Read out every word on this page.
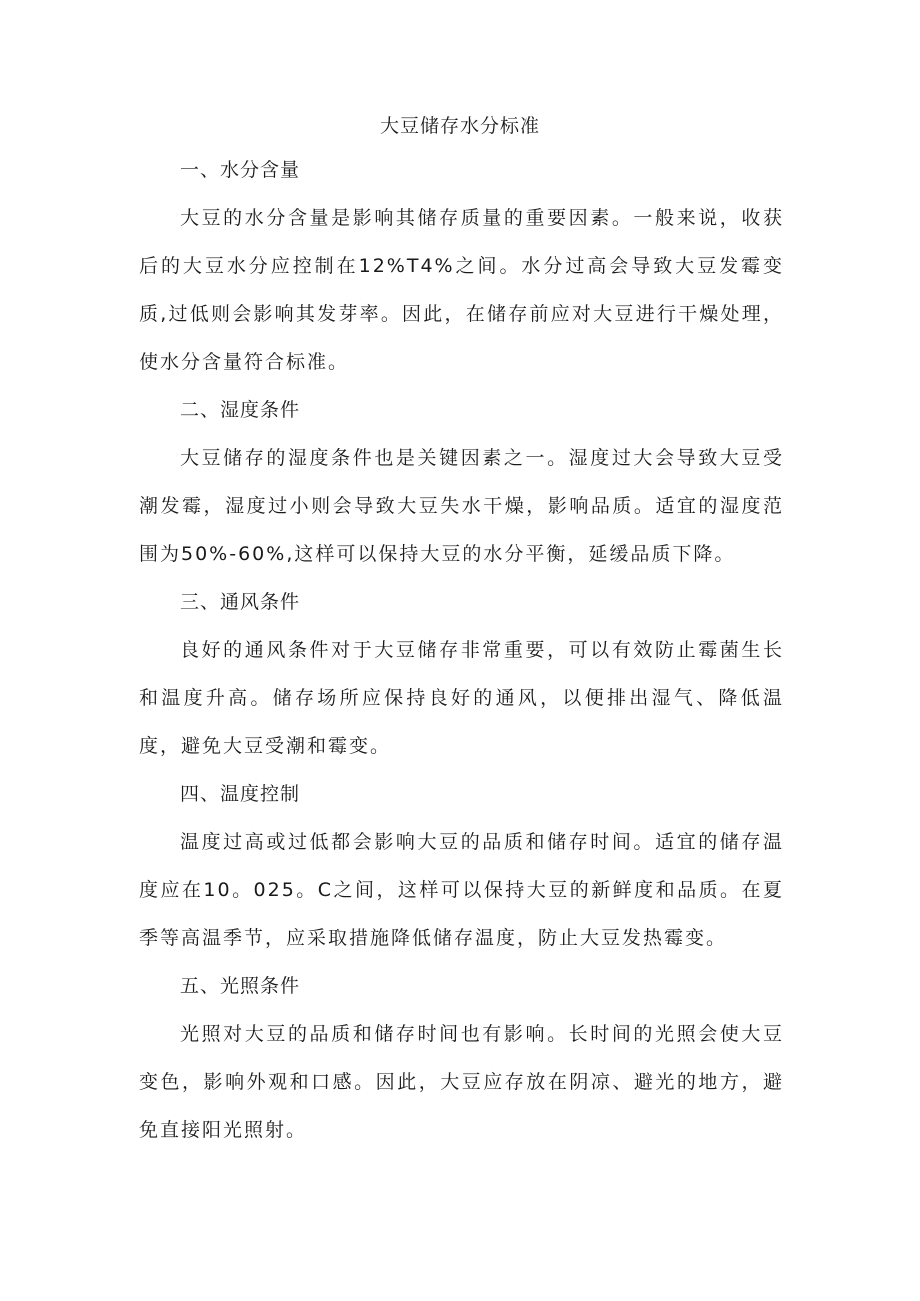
大豆储存水分标准

一、水分含量

大豆的水分含量是影响其储存质量的重要因素。一般来说，收获后的大豆水分应控制在12%T4%之间。水分过高会导致大豆发霉变质,过低则会影响其发芽率。因此，在储存前应对大豆进行干燥处理，使水分含量符合标准。

二、湿度条件

大豆储存的湿度条件也是关键因素之一。湿度过大会导致大豆受潮发霉，湿度过小则会导致大豆失水干燥，影响品质。适宜的湿度范围为50%-60%,这样可以保持大豆的水分平衡，延缓品质下降。

三、通风条件

良好的通风条件对于大豆储存非常重要，可以有效防止霉菌生长和温度升高。储存场所应保持良好的通风，以便排出湿气、降低温度，避免大豆受潮和霉变。

四、温度控制

温度过高或过低都会影响大豆的品质和储存时间。适宜的储存温度应在10。025。C之间，这样可以保持大豆的新鲜度和品质。在夏季等高温季节，应采取措施降低储存温度，防止大豆发热霉变。

五、光照条件

光照对大豆的品质和储存时间也有影响。长时间的光照会使大豆变色，影响外观和口感。因此，大豆应存放在阴凉、避光的地方，避免直接阳光照射。
